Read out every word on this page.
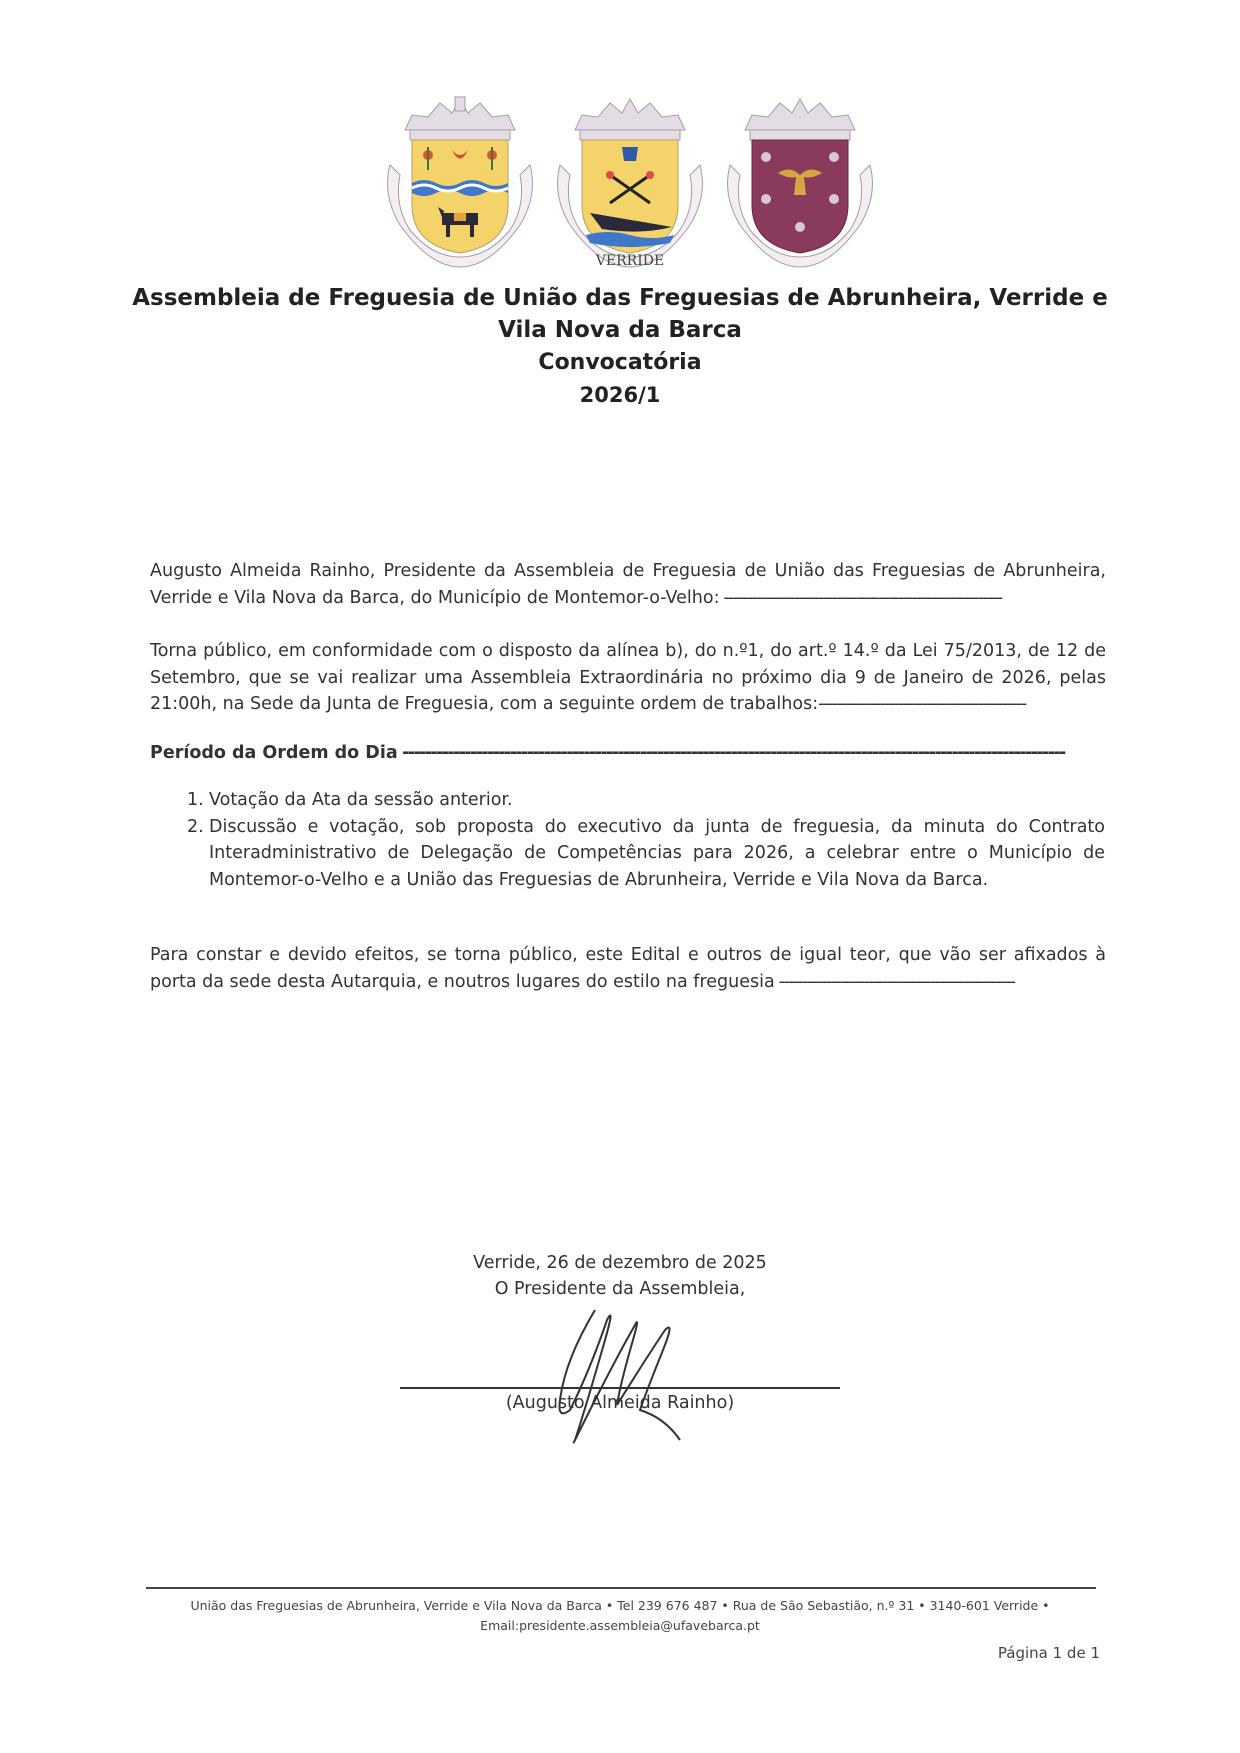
VERRIDE
Assembleia de Freguesia de União das Freguesias de Abrunheira, Verride e
Vila Nova da Barca
Convocatória
2026/1
Augusto Almeida Rainho, Presidente da Assembleia de Freguesia de União das Freguesias de Abrunheira, Verride e Vila Nova da Barca, do Município de Montemor-o-Velho: -----------------------------------------------------------
Torna público, em conformidade com o disposto da alínea b), do n.º1, do art.º 14.º da Lei 75/2013, de 12 de Setembro, que se vai realizar uma Assembleia Extraordinária no próximo dia 9 de Janeiro de 2026, pelas 21:00h, na Sede da Junta de Freguesia, com a seguinte ordem de trabalhos:--------------------------------------------
Período da Ordem do Dia ---------------------------------------------------------------------------------------------------------------------
1. Votação da Ata da sessão anterior.
2. Discussão e votação, sob proposta do executivo da junta de freguesia, da minuta do Contrato Interadministrativo de Delegação de Competências para 2026, a celebrar entre o Município de Montemor-o-Velho e a União das Freguesias de Abrunheira, Verride e Vila Nova da Barca.
Para constar e devido efeitos, se torna público, este Edital e outros de igual teor, que vão ser afixados à porta da sede desta Autarquia, e noutros lugares do estilo na freguesia --------------------------------------------------
Verride, 26 de dezembro de 2025
O Presidente da Assembleia,
(Augusto Almeida Rainho)
União das Freguesias de Abrunheira, Verride e Vila Nova da Barca • Tel 239 676 487 • Rua de São Sebastião, n.º 31 • 3140-601 Verride •
Email:presidente.assembleia@ufavebarca.pt
Página 1 de 1
